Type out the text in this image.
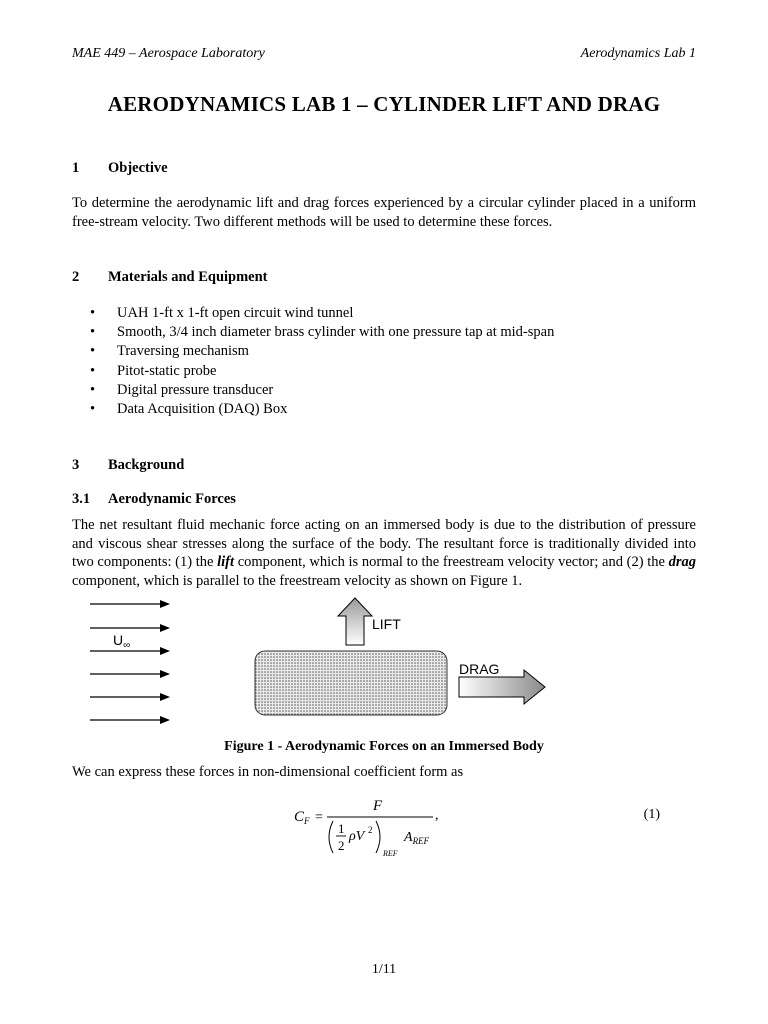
MAE 449 – Aerospace Laboratory	Aerodynamics Lab 1
AERODYNAMICS LAB 1 – CYLINDER LIFT AND DRAG
1 Objective
To determine the aerodynamic lift and drag forces experienced by a circular cylinder placed in a uniform free-stream velocity. Two different methods will be used to determine these forces.
2 Materials and Equipment
• UAH 1-ft x 1-ft open circuit wind tunnel
• Smooth, 3/4 inch diameter brass cylinder with one pressure tap at mid-span
• Traversing mechanism
• Pitot-static probe
• Digital pressure transducer
• Data Acquisition (DAQ) Box
3 Background
3.1 Aerodynamic Forces
The net resultant fluid mechanic force acting on an immersed body is due to the distribution of pressure and viscous shear stresses along the surface of the body. The resultant force is traditionally divided into two components: (1) the lift component, which is normal to the freestream velocity vector; and (2) the drag component, which is parallel to the freestream velocity as shown on Figure 1.
$U_\infty$
LIFT
DRAG
Figure 1 - Aerodynamic Forces on an Immersed Body
We can express these forces in non-dimensional coefficient form as
$C_F$ =
F
,
1
2
ρV 2
REF
$A_{REF}$
(1)
1/11
